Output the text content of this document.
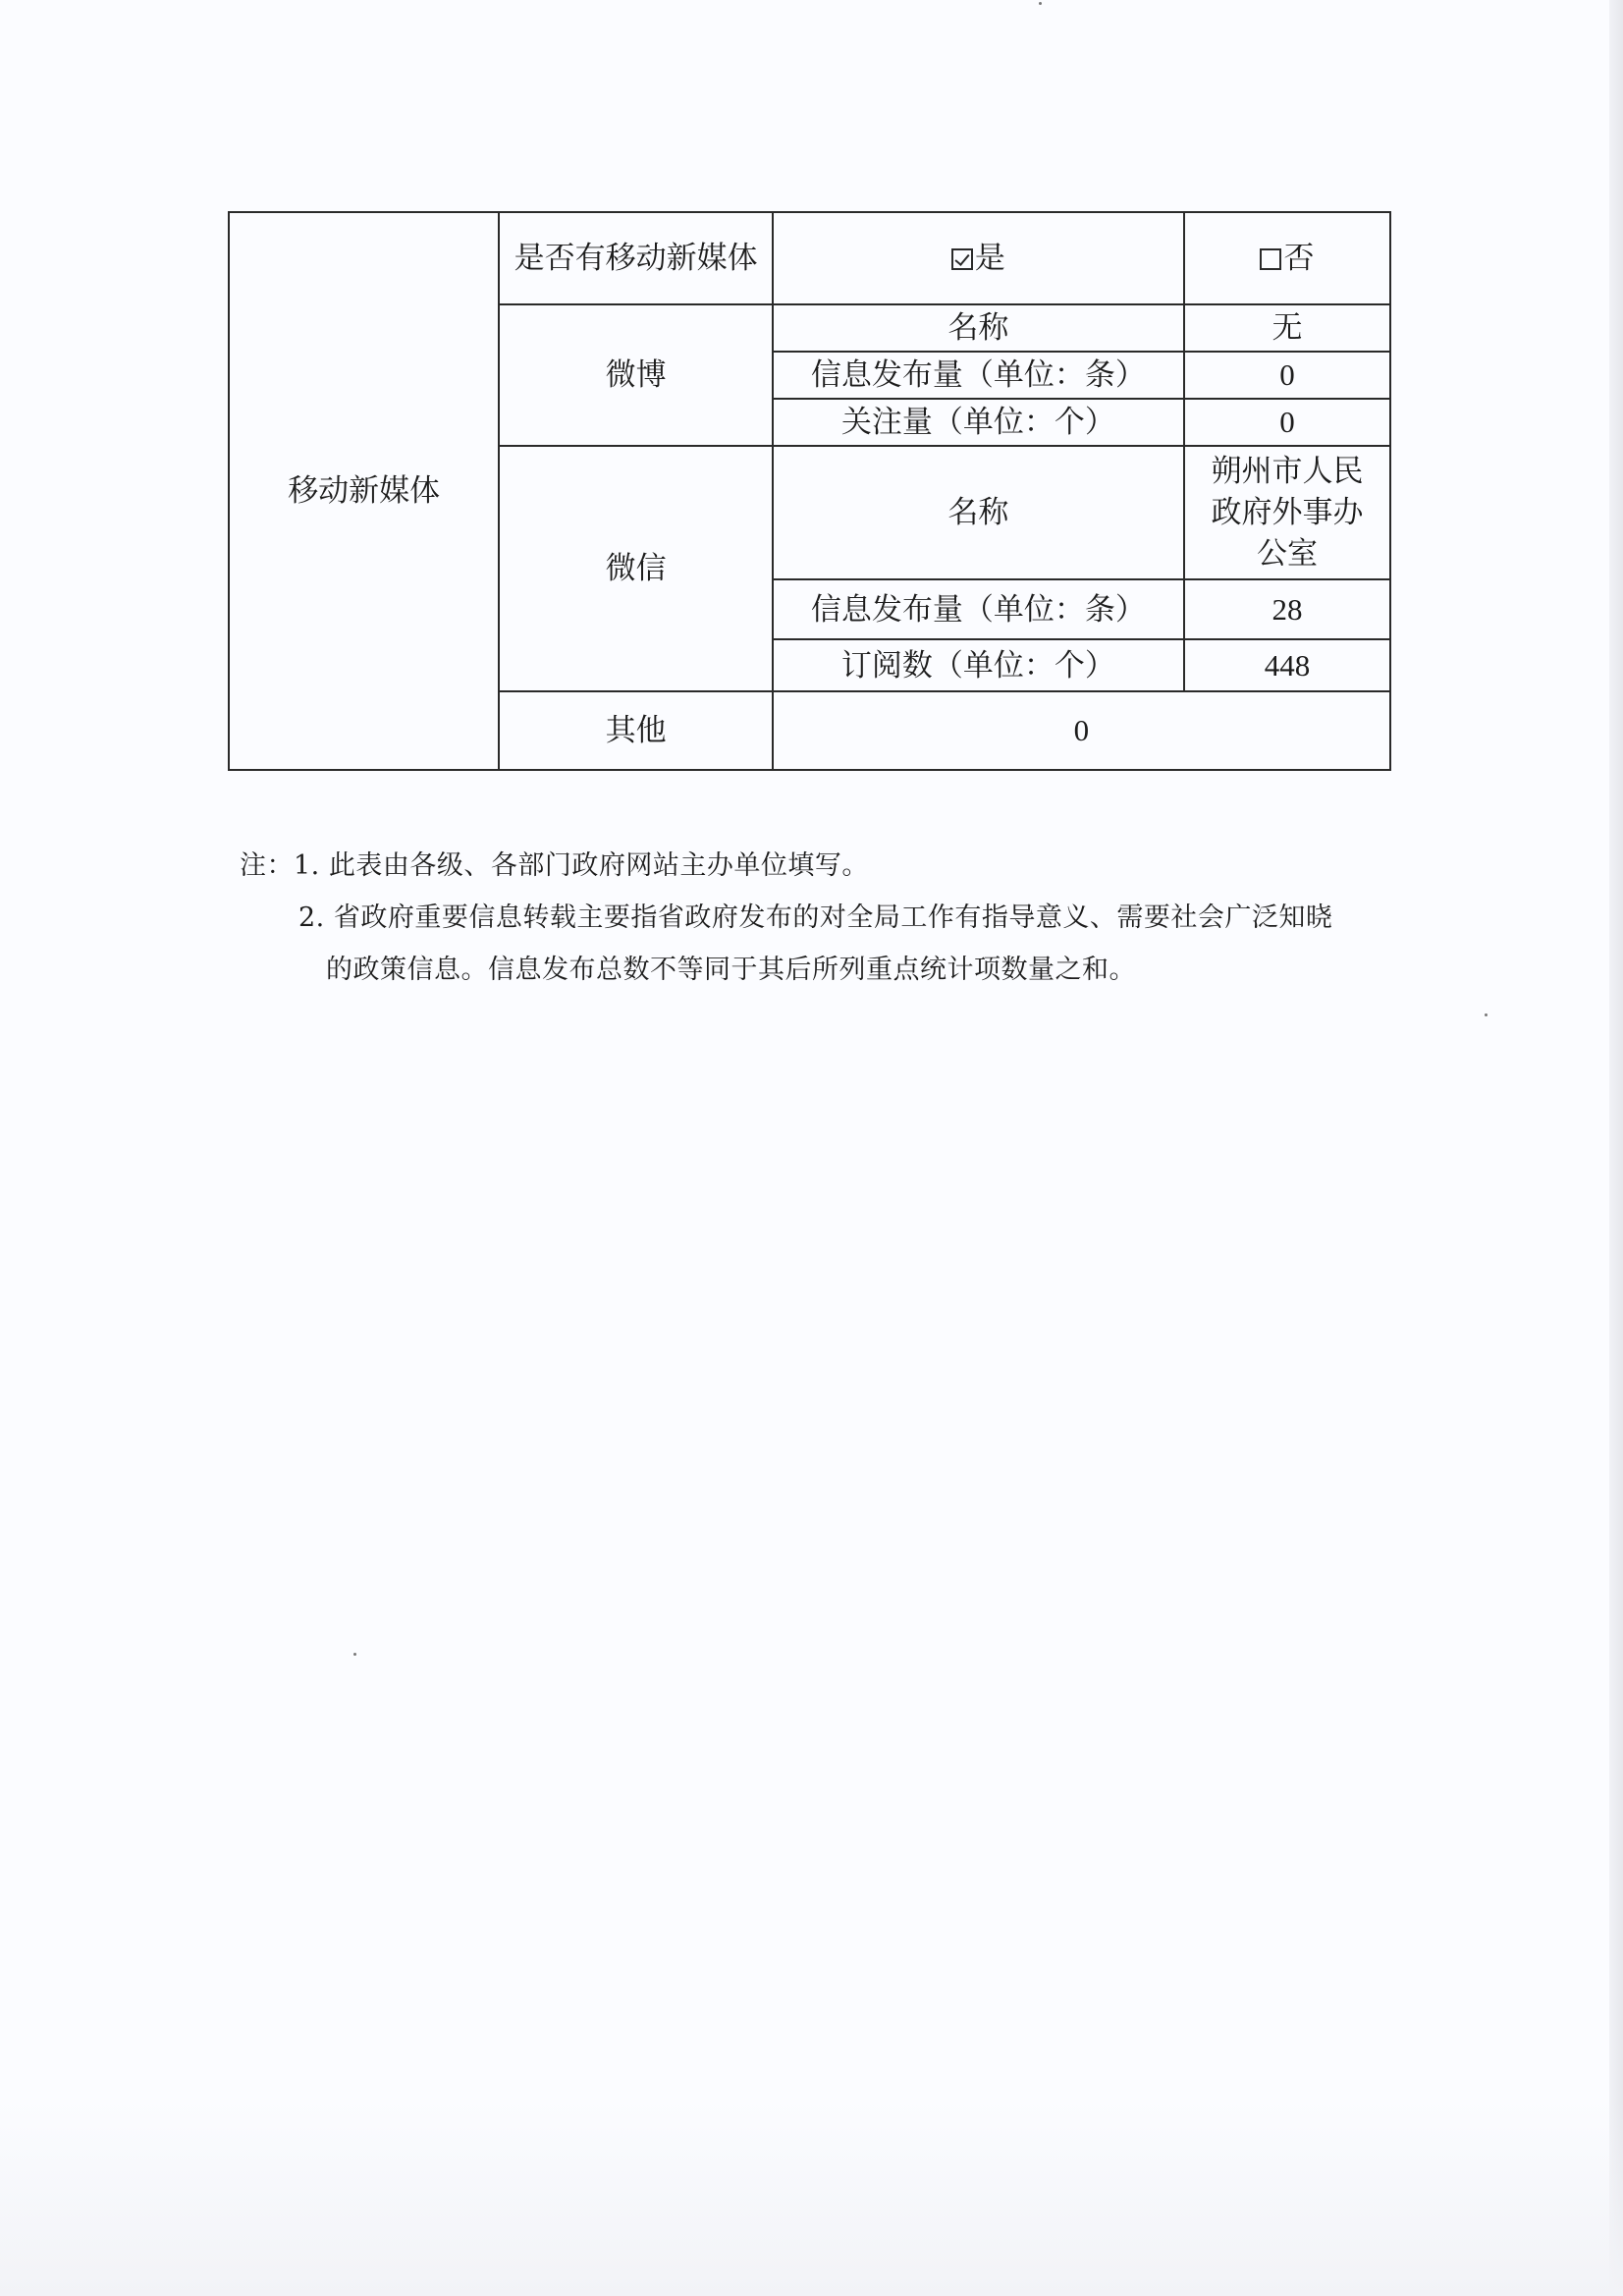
移动新媒体	是否有移动新媒体	是	否
	微博	名称	无
		信息发布量（单位：条）	0
		关注量（单位：个）	0
	微信	名称	朔州市人民政府外事办公室
		信息发布量（单位：条）	28
		订阅数（单位：个）	448
	其他	0	
注：1. 此表由各级、各部门政府网站主办单位填写。
2. 省政府重要信息转载主要指省政府发布的对全局工作有指导意义、需要社会广泛知晓
的政策信息。信息发布总数不等同于其后所列重点统计项数量之和。
